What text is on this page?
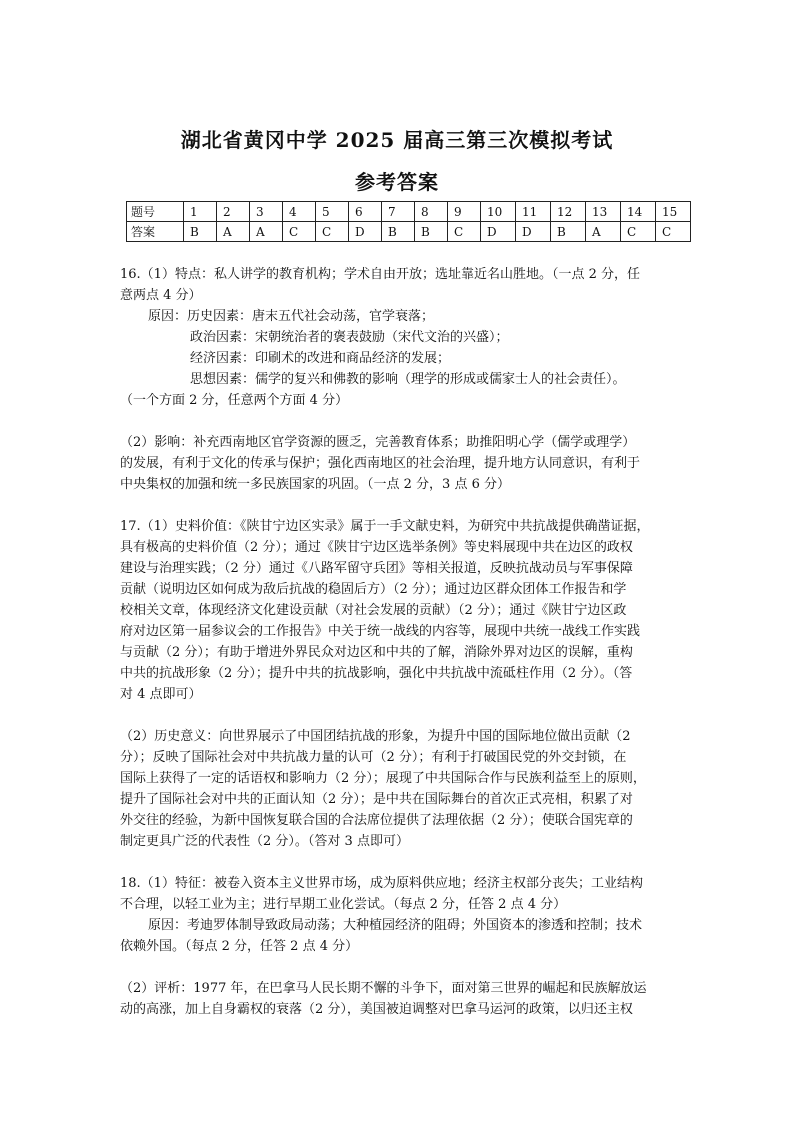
湖北省黄冈中学 2025 届高三第三次模拟考试
参考答案
题号	1	2	3	4	5	6	7	8	9	10	11	12	13	14	15
答案	B	A	A	C	C	D	B	B	C	D	D	B	A	C	C

16.（1）特点：私人讲学的教育机构；学术自由开放；选址靠近名山胜地。（一点 2 分，任

意两点 4 分）

原因：历史因素：唐末五代社会动荡，官学衰落；

政治因素：宋朝统治者的褒表鼓励（宋代文治的兴盛）；

经济因素：印刷术的改进和商品经济的发展；

思想因素：儒学的复兴和佛教的影响（理学的形成或儒家士人的社会责任）。

（一个方面 2 分，任意两个方面 4 分）

（2）影响：补充西南地区官学资源的匮乏，完善教育体系；助推阳明心学（儒学或理学）

的发展，有利于文化的传承与保护；强化西南地区的社会治理，提升地方认同意识，有利于

中央集权的加强和统一多民族国家的巩固。（一点 2 分，3 点 6 分）

17.（1）史料价值：《陕甘宁边区实录》属于一手文献史料，为研究中共抗战提供确凿证据，

具有极高的史料价值（2 分）；通过《陕甘宁边区选举条例》等史料展现中共在边区的政权

建设与治理实践；（2 分）通过《八路军留守兵团》等相关报道，反映抗战动员与军事保障

贡献（说明边区如何成为敌后抗战的稳固后方）（2 分）；通过边区群众团体工作报告和学

校相关文章，体现经济文化建设贡献（对社会发展的贡献）（2 分）；通过《陕甘宁边区政

府对边区第一届参议会的工作报告》中关于统一战线的内容等，展现中共统一战线工作实践

与贡献（2 分）；有助于增进外界民众对边区和中共的了解，消除外界对边区的误解，重构

中共的抗战形象（2 分）；提升中共的抗战影响，强化中共抗战中流砥柱作用（2 分）。（答

对 4 点即可）

（2）历史意义：向世界展示了中国团结抗战的形象，为提升中国的国际地位做出贡献（2

分）；反映了国际社会对中共抗战力量的认可（2 分）；有利于打破国民党的外交封锁，在

国际上获得了一定的话语权和影响力（2 分）；展现了中共国际合作与民族利益至上的原则，

提升了国际社会对中共的正面认知（2 分）；是中共在国际舞台的首次正式亮相，积累了对

外交往的经验，为新中国恢复联合国的合法席位提供了法理依据（2 分）；使联合国宪章的

制定更具广泛的代表性（2 分）。（答对 3 点即可）

18.（1）特征：被卷入资本主义世界市场，成为原料供应地；经济主权部分丧失；工业结构

不合理，以轻工业为主；进行早期工业化尝试。（每点 2 分，任答 2 点 4 分）

原因：考迪罗体制导致政局动荡；大种植园经济的阻碍；外国资本的渗透和控制；技术

依赖外国。（每点 2 分，任答 2 点 4 分）

（2）评析：1977 年，在巴拿马人民长期不懈的斗争下，面对第三世界的崛起和民族解放运

动的高涨，加上自身霸权的衰落（2 分），美国被迫调整对巴拿马运河的政策，以归还主权
